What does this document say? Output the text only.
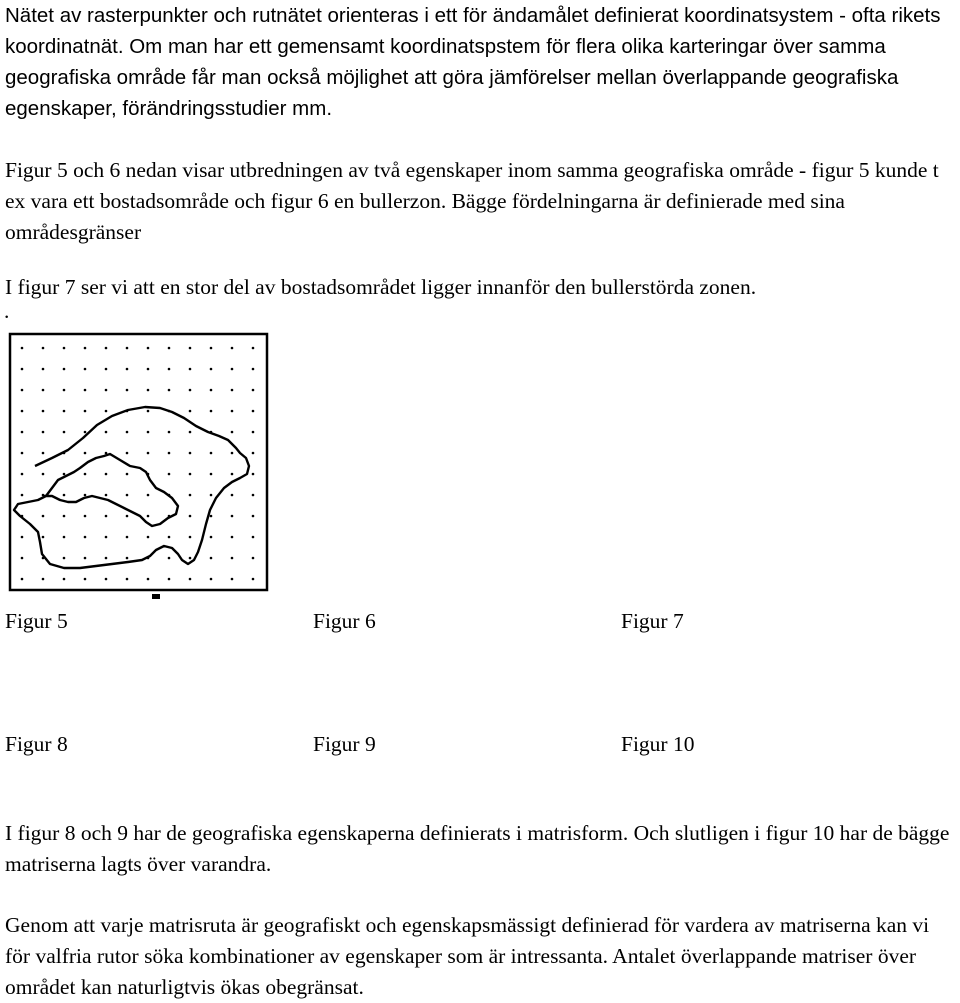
Nätet av rasterpunkter och rutnätet orienteras i ett för ändamålet definierat koordinatsystem - ofta rikets koordinatnät. Om man har ett gemensamt koordinatspstem för flera olika karteringar över samma geografiska område får man också möjlighet att göra jämförelser mellan överlappande geografiska egenskaper, förändringsstudier mm.

Figur 5 och 6 nedan visar utbredningen av två egenskaper inom samma geografiska område - figur 5 kunde t ex vara ett bostadsområde och figur 6 en bullerzon. Bägge fördelningarna är definierade med sina områdesgränser

I figur 7 ser vi att en stor del av bostadsområdet ligger innanför den bullerstörda zonen.

.
Figur 5	Figur 6	Figur 7
Figur 8	Figur 9	Figur 10

I figur 8 och 9 har de geografiska egenskaperna definierats i matrisform. Och slutligen i figur 10 har de bägge matriserna lagts över varandra.

Genom att varje matrisruta är geografiskt och egenskapsmässigt definierad för vardera av matriserna kan vi för valfria rutor söka kombinationer av egenskaper som är intressanta. Antalet överlappande matriser över området kan naturligtvis ökas obegränsat.
